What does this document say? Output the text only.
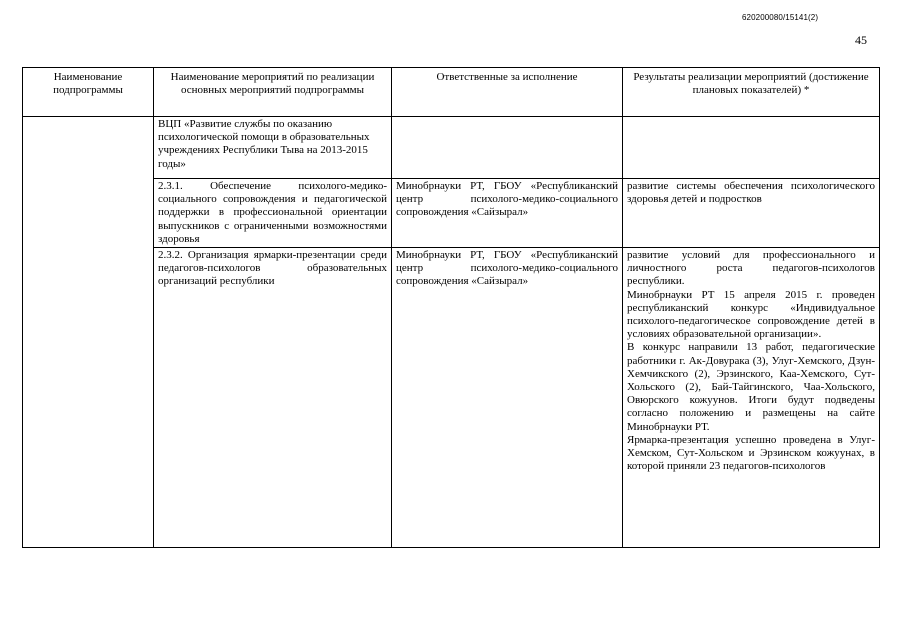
620200080/15141(2)
45
Наименование подпрограммы	Наименование мероприятий по реализации основных мероприятий подпрограммы	Ответственные за исполнение	Результаты реализации мероприятий (достижение плановых показателей) *
	ВЦП «Развитие службы по оказанию психологической помощи в образовательных учреждениях Республики Тыва на 2013-2015 годы»		
	2.3.1. Обеспечение психолого-медико-социального сопровождения и педагогической поддержки в профессиональной ориентации выпускников с ограниченными возможностями здоровья	Минобрнауки РТ, ГБОУ «Республиканский центр психолого-медико-социального сопровождения «Сайзырал»	развитие системы обеспечения психологического здоровья детей и подростков

	2.3.2. Организация ярмарки-презентации среди педагогов-психологов образовательных организаций республики	Минобрнауки РТ, ГБОУ «Республиканский центр психолого-медико-социального сопровождения «Сайзырал»	развитие условий для профессионального и личностного роста педагогов-психологов республики.

Минобрнауки РТ 15 апреля 2015 г. проведен республиканский конкурс «Индивидуальное психолого-педагогическое сопровождение детей в условиях образовательной организации».

В конкурс направили 13 работ, педагогические работники г. Ак-Довурака (3), Улуг-Хемского, Дзун-Хемчикского (2), Эрзинского, Каа-Хемского, Сут-Хольского (2), Бай-Тайгинского, Чаа-Хольского, Овюрского кожуунов. Итоги будут подведены согласно положению и размещены на сайте Минобрнауки РТ.

Ярмарка-презентация успешно проведена в Улуг-Хемском, Сут-Хольском и Эрзинском кожуунах, в которой приняли 23 педагогов-психологов
